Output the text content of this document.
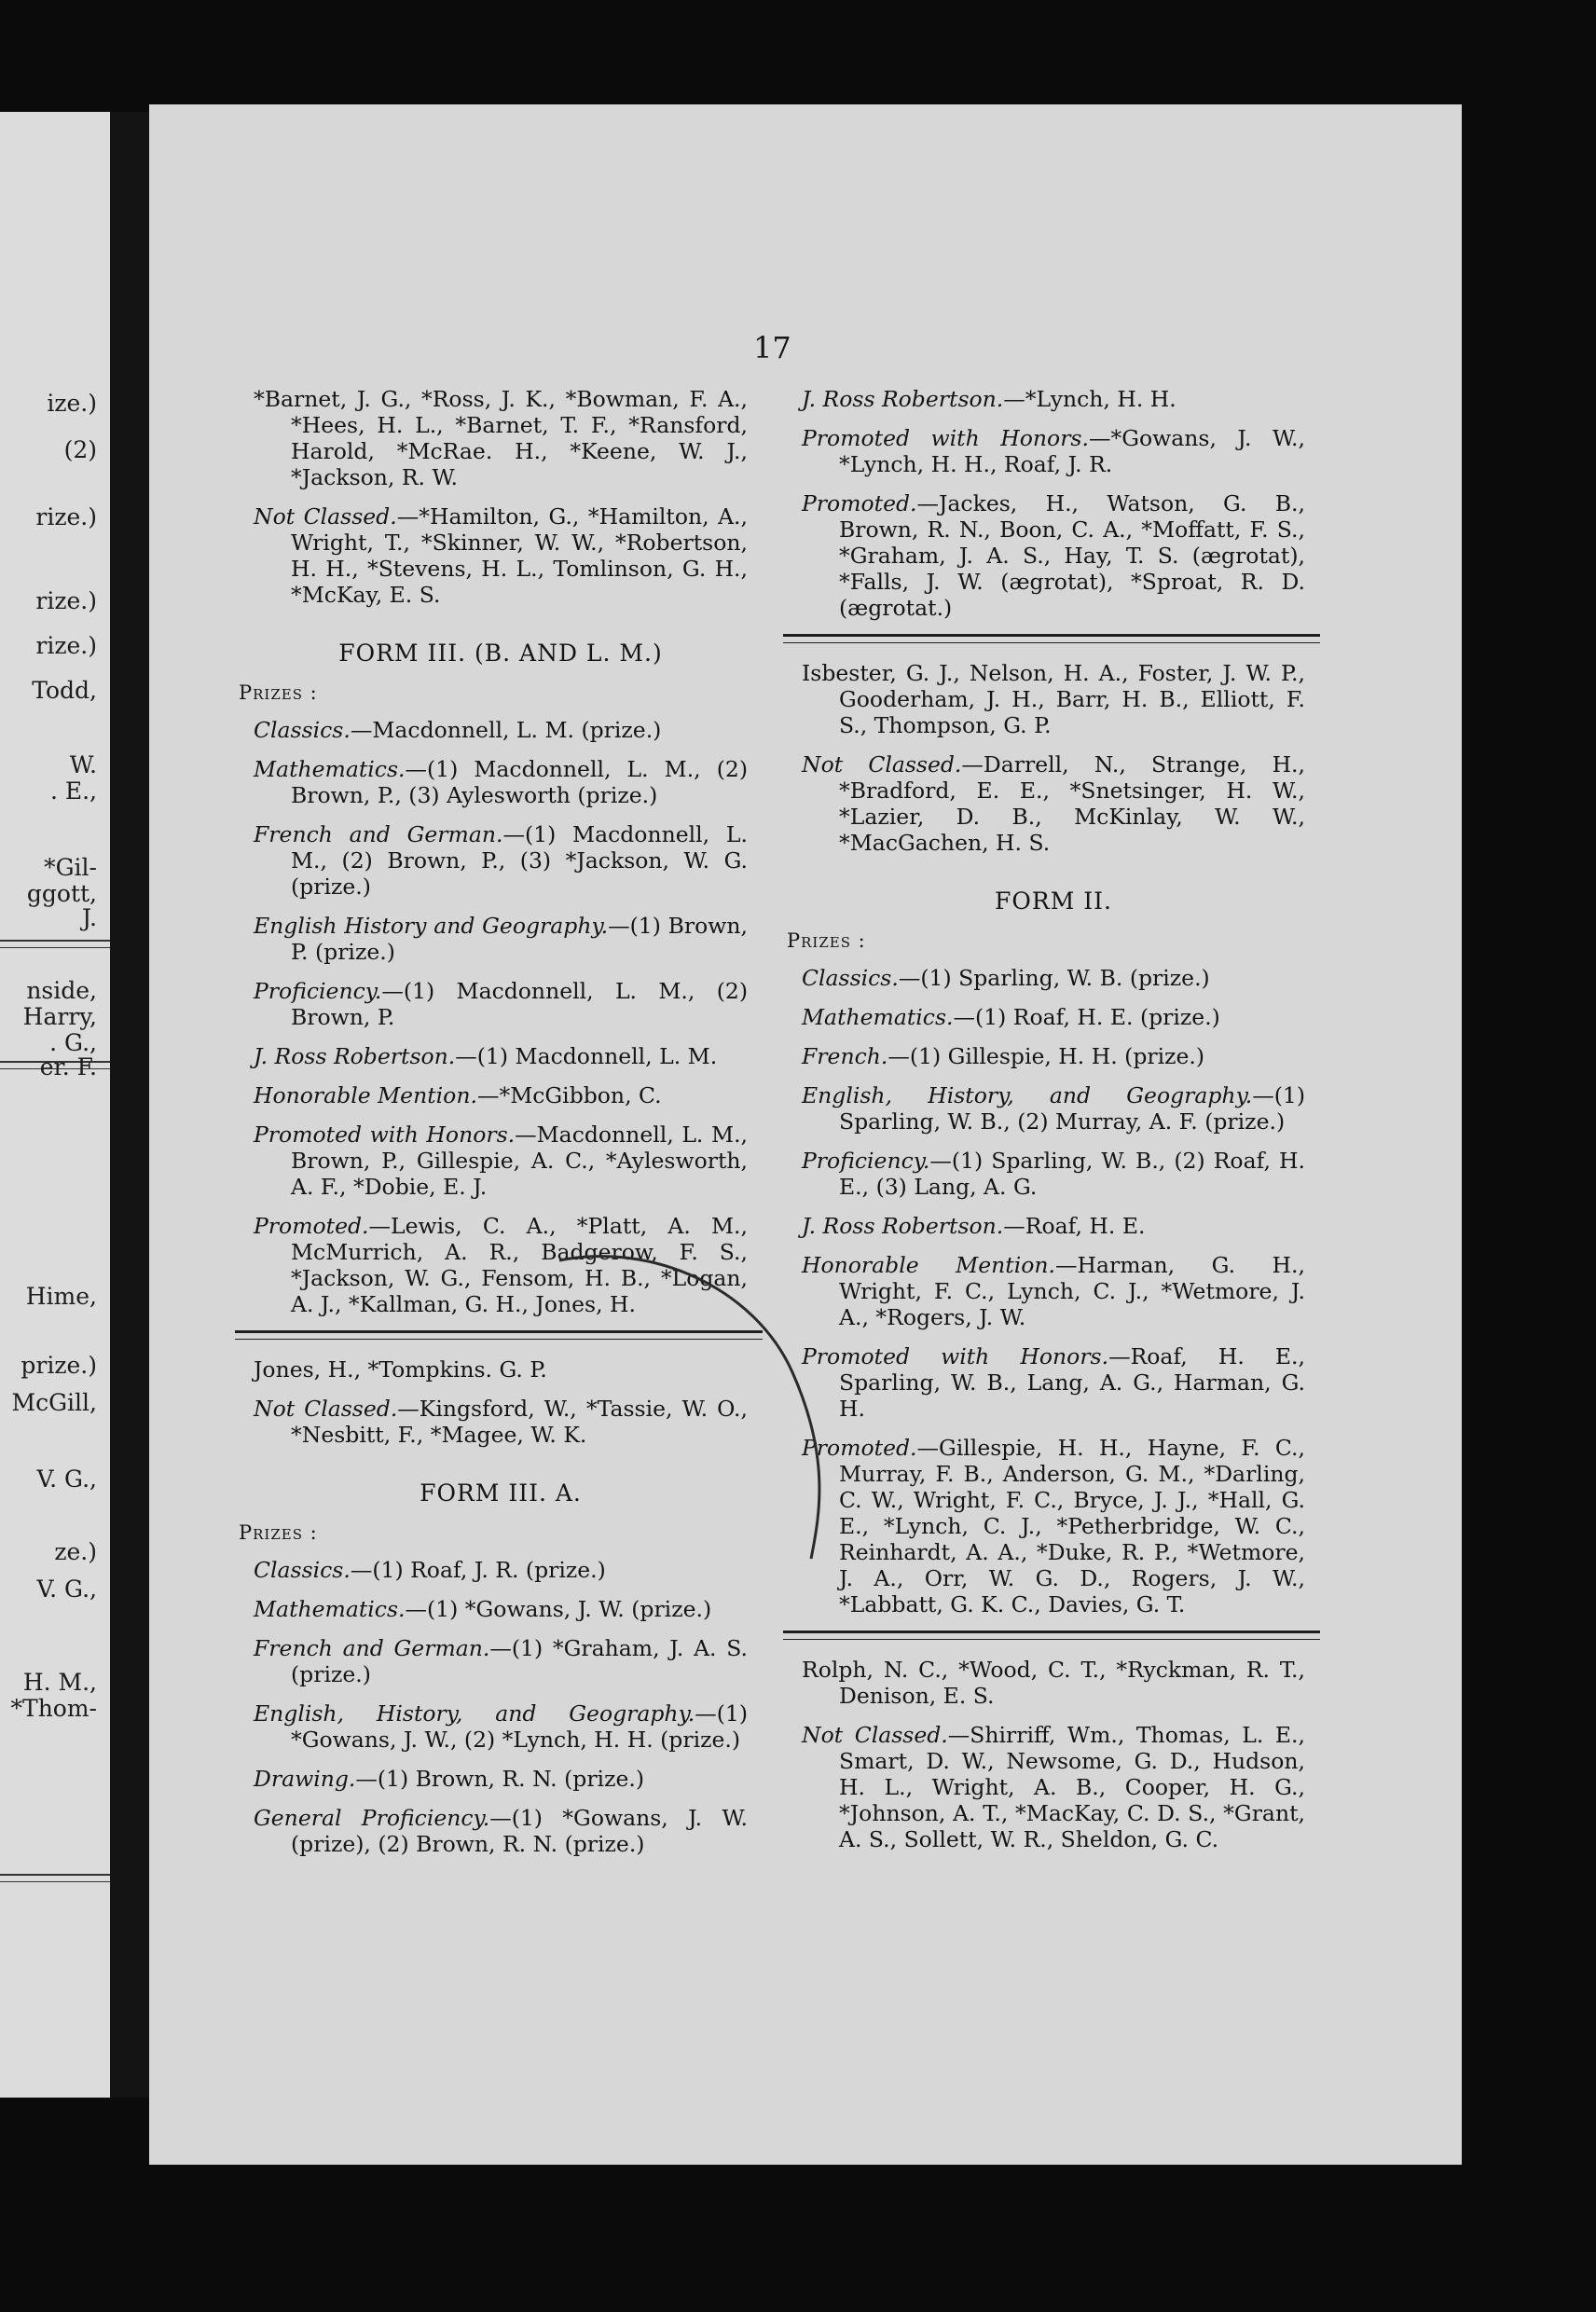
ize.)
(2)
rize.)
rize.)
rize.)
Todd,
W.
. E.,
*Gil-
ggott,
J.
nside,
Harry,
. G.,
er. F.
Hime,
prize.)
McGill,
V. G.,
ze.)
V. G.,
H. M.,
*Thom-
17

*Barnet, J. G., *Ross, J. K., *Bowman, F. A., *Hees, H. L., *Barnet, T. F., *Ransford, Harold, *McRae. H., *Keene, W. J., *Jackson, R. W.

Not Classed.—*Hamilton, G., *Hamilton, A., Wright, T., *Skinner, W. W., *Robertson, H. H., *Stevens, H. L., Tomlinson, G. H., *McKay, E. S.

FORM III. (B. AND L. M.)
Prizes :

Classics.—Macdonnell, L. M. (prize.)

Mathematics.—(1) Macdonnell, L. M., (2) Brown, P., (3) Aylesworth (prize.)

French and German.—(1) Macdonnell, L. M., (2) Brown, P., (3) *Jackson, W. G. (prize.)

English History and Geography.—(1) Brown, P. (prize.)

Proficiency.—(1) Macdonnell, L. M., (2) Brown, P.

J. Ross Robertson.—(1) Macdonnell, L. M.

Honorable Mention.—*McGibbon, C.

Promoted with Honors.—Macdonnell, L. M., Brown, P., Gillespie, A. C., *Aylesworth, A. F., *Dobie, E. J.

Promoted.—Lewis, C. A., *Platt, A. M., McMurrich, A. R., Badgerow, F. S., *Jackson, W. G., Fensom, H. B., *Logan, A. J., *Kallman, G. H., Jones, H.

Jones, H., *Tompkins. G. P.

Not Classed.—Kingsford, W., *Tassie, W. O., *Nesbitt, F., *Magee, W. K.

FORM III. A.
Prizes :

Classics.—(1) Roaf, J. R. (prize.)

Mathematics.—(1) *Gowans, J. W. (prize.)

French and German.—(1) *Graham, J. A. S. (prize.)

English, History, and Geography.—(1) *Gowans, J. W., (2) *Lynch, H. H. (prize.)

Drawing.—(1) Brown, R. N. (prize.)

General Proficiency.—(1) *Gowans, J. W. (prize), (2) Brown, R. N. (prize.)

J. Ross Robertson.—*Lynch, H. H.

Promoted with Honors.—*Gowans, J. W., *Lynch, H. H., Roaf, J. R.

Promoted.—Jackes, H., Watson, G. B., Brown, R. N., Boon, C. A., *Moffatt, F. S., *Graham, J. A. S., Hay, T. S. (ægrotat), *Falls, J. W. (ægrotat), *Sproat, R. D. (ægrotat.)

Isbester, G. J., Nelson, H. A., Foster, J. W. P., Gooderham, J. H., Barr, H. B., Elliott, F. S., Thompson, G. P.

Not Classed.—Darrell, N., Strange, H., *Bradford, E. E., *Snetsinger, H. W., *Lazier, D. B., McKinlay, W. W., *MacGachen, H. S.

FORM II.
Prizes :

Classics.—(1) Sparling, W. B. (prize.)

Mathematics.—(1) Roaf, H. E. (prize.)

French.—(1) Gillespie, H. H. (prize.)

English, History, and Geography.—(1) Sparling, W. B., (2) Murray, A. F. (prize.)

Proficiency.—(1) Sparling, W. B., (2) Roaf, H. E., (3) Lang, A. G.

J. Ross Robertson.—Roaf, H. E.

Honorable Mention.—Harman, G. H., Wright, F. C., Lynch, C. J., *Wetmore, J. A., *Rogers, J. W.

Promoted with Honors.—Roaf, H. E., Sparling, W. B., Lang, A. G., Harman, G. H.

Promoted.—Gillespie, H. H., Hayne, F. C., Murray, F. B., Anderson, G. M., *Darling, C. W., Wright, F. C., Bryce, J. J., *Hall, G. E., *Lynch, C. J., *Petherbridge, W. C., Reinhardt, A. A., *Duke, R. P., *Wetmore, J. A., Orr, W. G. D., Rogers, J. W., *Labbatt, G. K. C., Davies, G. T.

Rolph, N. C., *Wood, C. T., *Ryckman, R. T., Denison, E. S.

Not Classed.—Shirriff, Wm., Thomas, L. E., Smart, D. W., Newsome, G. D., Hudson, H. L., Wright, A. B., Cooper, H. G., *Johnson, A. T., *MacKay, C. D. S., *Grant, A. S., Sollett, W. R., Sheldon, G. C.
